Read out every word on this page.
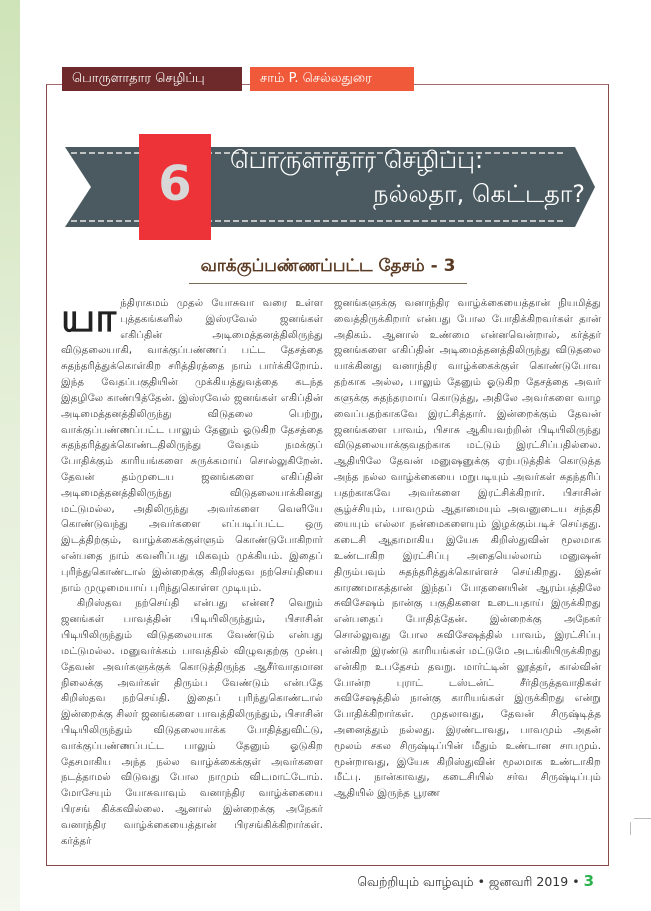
பொருளாதார செழிப்பு	சாம் P. செல்லதுரை
6	பொருளாதார செழிப்பு:
நல்லதா, கெட்டதா?
வாக்குப்பண்ணப்பட்ட தேசம் - 3

யாந்திராகமம் முதல் யோசுவா வரை உள்ள புத்தகங்களில் இஸ்ரவேல் ஜனங்கள் எகிப்தின் அடிமைத்தனத்திலிருந்து விடுதலையாகி, வாக்குப்பண்ணப் பட்ட தேசத்தை சுதந்தரித்துக்கொள்கிற சரித்திரத்தை நாம் பார்க்கிறோம். இந்த வேதப்பகுதியின் முக்கியத்துவத்தை கடந்த இதழிலே காண்பித்தேன். இஸ்ரவேல் ஜனங்கள் எகிப்தின் அடிமைத்தனத்திலிருந்து விடுதலை பெற்று, வாக்குப்பண்ணப்பட்ட பாலும் தேனும் ஓடுகிற தேசத்தை சுதந்தரித்துக்கொண்டதிலிருந்து வேதம் நமக்குப் போதிக்கும் காரியங்களை சுருக்கமாய் சொல்லுகிறேன். தேவன் தம்முடைய ஜனங்களை எகிப்தின் அடிமைத்தனத்திலிருந்து விடுதலையாக்கினது மட்டுமல்ல, அதிலிருந்து அவர்களை வெளியே கொண்டுவந்து அவர்களை எப்படிப்பட்ட ஒரு இடத்திற்கும், வாழ்க்கைக்குள்ளும் கொண்டுபோகிறார் என்பதை நாம் கவனிப்பது மிகவும் முக்கியம். இதைப் புரிந்துகொண்டால் இன்றைக்கு கிறிஸ்தவ நற்செய்தியை நாம் முழுமையாய் புரிந்துகொள்ள முடியும்.

கிறிஸ்தவ நற்செய்தி என்பது என்ன? வெறும் ஜனங்கள் பாவத்தின் பிடியிலிருந்தும், பிசாசின் பிடியிலிருந்தும் விடுதலையாக வேண்டும் என்பது மட்டுமல்ல. மனுவர்க்கம் பாவத்தில் விழுவதற்கு முன்பு தேவன் அவர்களுக்குக் கொடுத்திருந்த ஆசீர்வாதமான நிலைக்கு அவர்கள் திரும்ப வேண்டும் என்பதே கிறிஸ்தவ நற்செய்தி. இதைப் புரிந்துகொண்டால் இன்றைக்கு சிலர் ஜனங்களை பாவத்திலிருந்தும், பிசாசின் பிடியிலிருந்தும் விடுதலையாக்க போதித்துவிட்டு, வாக்குப்பண்ணப்பட்ட பாலும் தேனும் ஓடுகிற தேசமாகிய அந்த நல்ல வாழ்க்கைக்குள் அவர்களை நடத்தாமல் விடுவது போல நாமும் விடமாட்டோம். மோசேயும் யோசுவாவும் வனாந்திர வாழ்க்கையை பிரசங் கிக்கவில்லை. ஆனால் இன்றைக்கு அநேகர் வனாந்திர வாழ்க்கையைத்தான் பிரசங்கிக்கிறார்கள். கர்த்தர்

ஜனங்களுக்கு வனாந்திர வாழ்க்கையைத்தான் நியமித்து வைத்திருக்கிறார் என்பது போல போதிக்கிறவர்கள் தான் அதிகம். ஆனால் உண்மை என்னவென்றால், கர்த்தர் ஜனங்களை எகிப்தின் அடிமைத்தனத்திலிருந்து விடுதலை யாக்கினது வனாந்திர வாழ்க்கைக்குள் கொண்டுபோவ தற்காக அல்ல, பாலும் தேனும் ஓடுகிற தேசத்தை அவர் களுக்கு சுதந்தரமாய் கொடுத்து, அதிலே அவர்களை வாழ வைப்பதற்காகவே இரட்சித்தார். இன்றைக்கும் தேவன் ஜனங்களை பாவம், பிசாசு ஆகியவற்றின் பிடியிலிருந்து விடுதலையாக்குவதற்காக மட்டும் இரட்சிப்பதில்லை. ஆதியிலே தேவன் மனுஷனுக்கு ஏற்படுத்திக் கொடுத்த அந்த நல்ல வாழ்க்கையை மறுபடியும் அவர்கள் சுதந்தரிப் பதற்காகவே அவர்களை இரட்சிக்கிறார். பிசாசின் சூழ்ச்சியும், பாவமும் ஆதாமையும் அவனுடைய சந்ததி யையும் எல்லா நன்மைகளையும் இழக்கும்படிச் செய்தது. கடைசி ஆதாமாகிய இயேசு கிறிஸ்துவின் மூலமாக உண்டாகிற இரட்சிப்பு அதையெல்லாம் மனுஷன் திரும்பவும் சுதந்தரித்துக்கொள்ளச் செய்கிறது. இதன் காரணமாகத்தான் இந்தப் போதனையின் ஆரம்பத்திலே சுவிசேஷம் நான்கு பகுதிகளை உடையதாய் இருக்கிறது என்பதைப் போதித்தேன். இன்றைக்கு அநேகர் சொல்லுவது போல சுவிசேஷத்தில் பாவம், இரட்சிப்பு என்கிற இரண்டு காரியங்கள் மட்டுமே அடங்கியிருக்கிறது என்கிற உபதேசம் தவறு. மார்ட்டின் லூத்தர், கால்வின் போன்ற புராட் டஸ்டன்ட் சீர்திருத்தவாதிகள் சுவிசேஷத்தில் நான்கு காரியங்கள் இருக்கிறது என்று போதிக்கிறார்கள். முதலாவது, தேவன் சிருஷ்டித்த அனைத்தும் நல்லது. இரண்டாவது, பாவமும் அதன் மூலம் சகல சிருஷ்டிப்பின் மீதும் உண்டான சாபமும். மூன்றாவது, இயேசு கிறிஸ்துவின் மூலமாக உண்டாகிற மீட்பு. நான்காவது, கடைசியில் சர்வ சிருஷ்டிப்பும் ஆதியில் இருந்த பூரண

வெற்றியும் வாழ்வும் • ஜனவரி 2019 • 3
